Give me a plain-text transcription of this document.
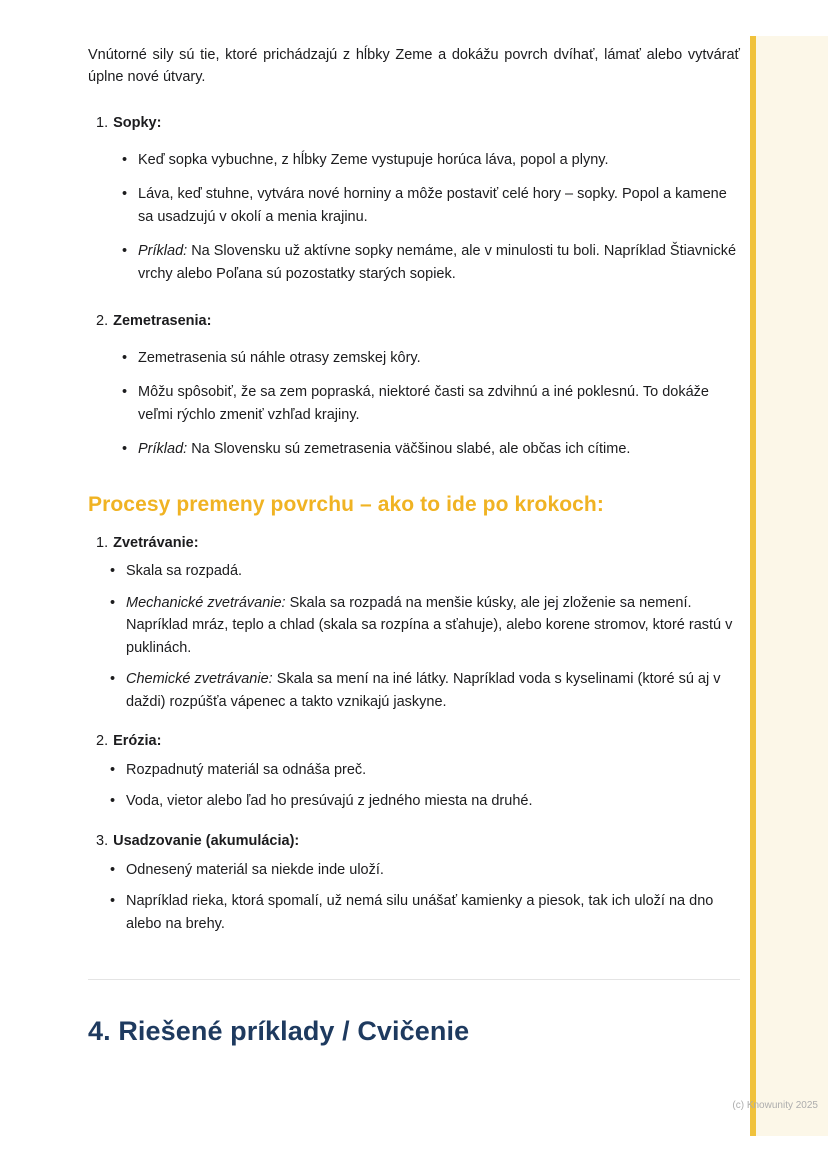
Vnútorné sily sú tie, ktoré prichádzajú z hĺbky Zeme a dokážu povrch dvíhať, lámať alebo vytvárať úplne nové útvary.

1. Sopky:
• Keď sopka vybuchne, z hĺbky Zeme vystupuje horúca láva, popol a plyny.
• Láva, keď stuhne, vytvára nové horniny a môže postaviť celé hory – sopky. Popol a kamene sa usadzujú v okolí a menia krajinu.
• Príklad: Na Slovensku už aktívne sopky nemáme, ale v minulosti tu boli. Napríklad Štiavnické vrchy alebo Poľana sú pozostatky starých sopiek.
2. Zemetrasenia:
• Zemetrasenia sú náhle otrasy zemskej kôry.
• Môžu spôsobiť, že sa zem popraská, niektoré časti sa zdvihnú a iné poklesnú. To dokáže veľmi rýchlo zmeniť vzhľad krajiny.
• Príklad: Na Slovensku sú zemetrasenia väčšinou slabé, ale občas ich cítime.
Procesy premeny povrchu – ako to ide po krokoch:
1. Zvetrávanie:
• Skala sa rozpadá.
• Mechanické zvetrávanie: Skala sa rozpadá na menšie kúsky, ale jej zloženie sa nemení. Napríklad mráz, teplo a chlad (skala sa rozpína a sťahuje), alebo korene stromov, ktoré rastú v puklinách.
• Chemické zvetrávanie: Skala sa mení na iné látky. Napríklad voda s kyselinami (ktoré sú aj v daždi) rozpúšťa vápenec a takto vznikajú jaskyne.
2. Erózia:
• Rozpadnutý materiál sa odnáša preč.
• Voda, vietor alebo ľad ho presúvajú z jedného miesta na druhé.
3. Usadzovanie (akumulácia):
• Odnesený materiál sa niekde inde uloží.
• Napríklad rieka, ktorá spomalí, už nemá silu unášať kamienky a piesok, tak ich uloží na dno alebo na brehy.
4. Riešené príklady / Cvičenie
(c) Knowunity 2025
